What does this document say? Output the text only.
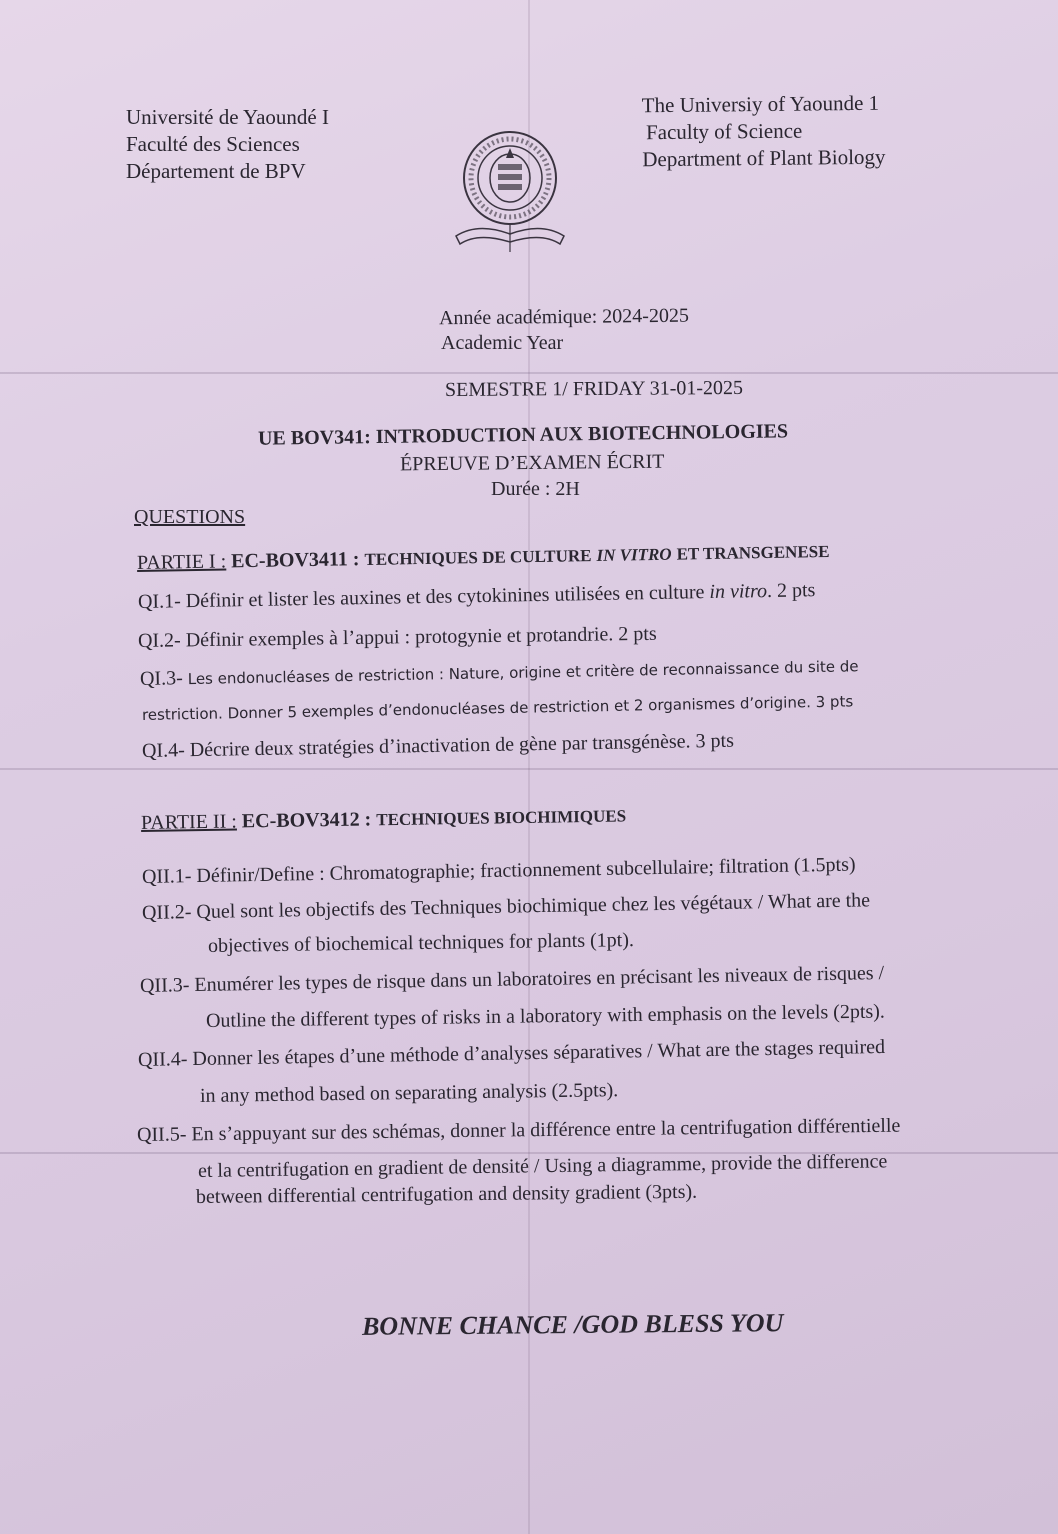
Université de Yaoundé I
Faculté des Sciences
Département de BPV
The Universiy of Yaounde 1
Faculty of Science
Department of Plant Biology
Année académique: 2024-2025
Academic Year
SEMESTRE 1/ FRIDAY 31-01-2025
UE BOV341: INTRODUCTION AUX BIOTECHNOLOGIES
ÉPREUVE D’EXAMEN ÉCRIT
Durée : 2H
QUESTIONS
PARTIE I : EC-BOV3411 : TECHNIQUES DE CULTURE IN VITRO ET TRANSGENESE
QI.1- Définir et lister les auxines et des cytokinines utilisées en culture in vitro. 2 pts
QI.2- Définir exemples à l’appui : protogynie et protandrie. 2 pts
QI.3- Les endonucléases de restriction : Nature, origine et critère de reconnaissance du site de
restriction. Donner 5 exemples d’endonucléases de restriction et 2 organismes d’origine. 3 pts
QI.4- Décrire deux stratégies d’inactivation de gène par transgénèse. 3 pts
PARTIE II : EC-BOV3412 : TECHNIQUES BIOCHIMIQUES
QII.1- Définir/Define : Chromatographie; fractionnement subcellulaire; filtration (1.5pts)
QII.2- Quel sont les objectifs des Techniques biochimique chez les végétaux / What are the
objectives of biochemical techniques for plants (1pt).
QII.3- Enumérer les types de risque dans un laboratoires en précisant les niveaux de risques /
Outline the different types of risks in a laboratory with emphasis on the levels (2pts).
QII.4- Donner les étapes d’une méthode d’analyses séparatives / What are the stages required
in any method based on separating analysis (2.5pts).
QII.5- En s’appuyant sur des schémas, donner la différence entre la centrifugation différentielle
et la centrifugation en gradient de densité / Using a diagramme, provide the difference
between differential centrifugation and density gradient (3pts).
BONNE CHANCE /GOD BLESS YOU
